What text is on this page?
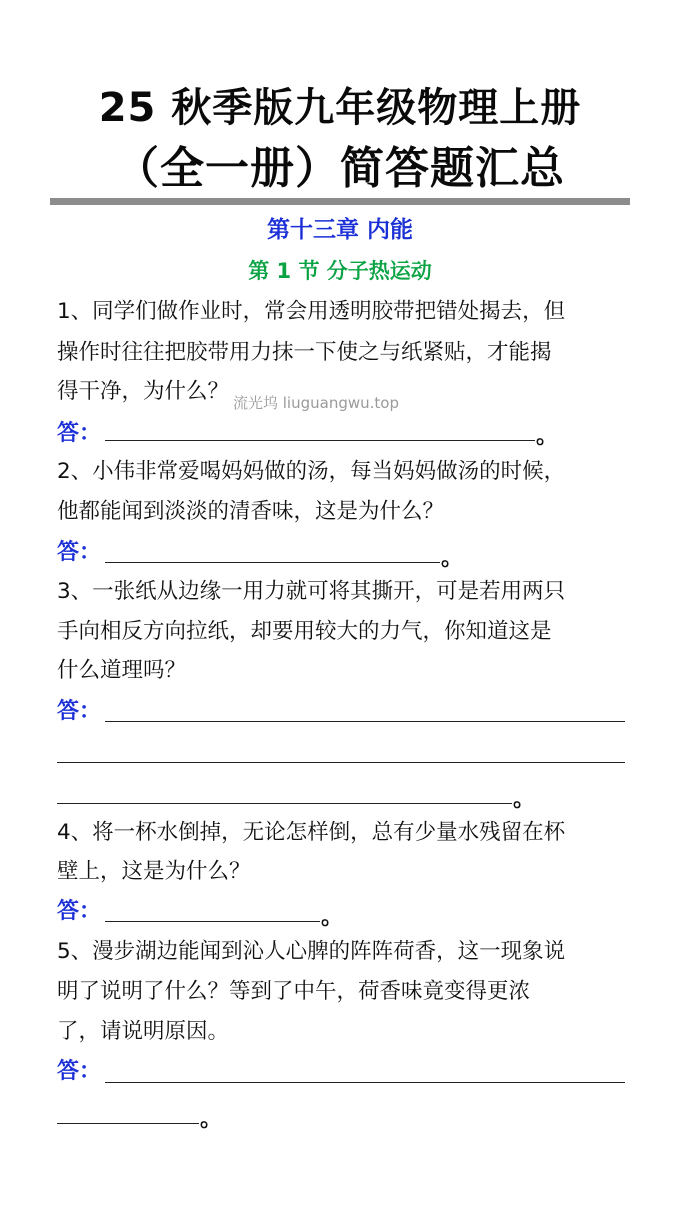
25 秋季版九年级物理上册
（全一册）简答题汇总
第十三章 内能
第 1 节 分子热运动
1、同学们做作业时，常会用透明胶带把错处揭去，但
操作时往往把胶带用力抹一下使之与纸紧贴，才能揭
得干净，为什么？ 流光坞 liuguangwu.top
答：	。
2、小伟非常爱喝妈妈做的汤，每当妈妈做汤的时候，
他都能闻到淡淡的清香味，这是为什么？
答：	。
3、一张纸从边缘一用力就可将其撕开，可是若用两只
手向相反方向拉纸，却要用较大的力气，你知道这是
什么道理吗？
答：
。
4、将一杯水倒掉，无论怎样倒，总有少量水残留在杯
壁上，这是为什么？
答：	。
5、漫步湖边能闻到沁人心脾的阵阵荷香，这一现象说
明了说明了什么？等到了中午，荷香味竟变得更浓
了，请说明原因。
答：
。
